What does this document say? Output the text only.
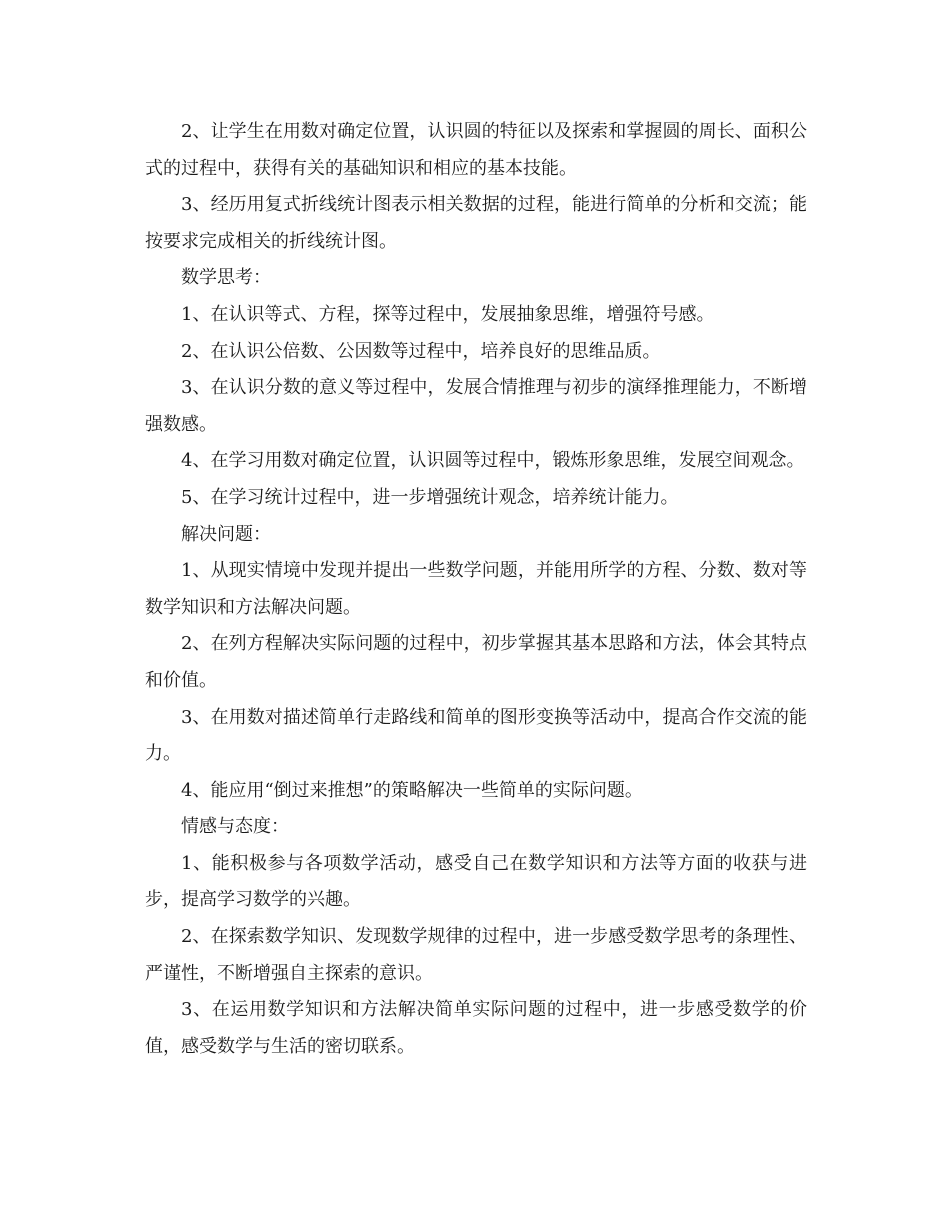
2、让学生在用数对确定位置，认识圆的特征以及探索和掌握圆的周长、面积公式的过程中，获得有关的基础知识和相应的基本技能。

3、经历用复式折线统计图表示相关数据的过程，能进行简单的分析和交流；能按要求完成相关的折线统计图。

数学思考：

1、在认识等式、方程，探等过程中，发展抽象思维，增强符号感。

2、在认识公倍数、公因数等过程中，培养良好的思维品质。

3、在认识分数的意义等过程中，发展合情推理与初步的演绎推理能力，不断增强数感。

4、在学习用数对确定位置，认识圆等过程中，锻炼形象思维，发展空间观念。

5、在学习统计过程中，进一步增强统计观念，培养统计能力。

解决问题：

1、从现实情境中发现并提出一些数学问题，并能用所学的方程、分数、数对等数学知识和方法解决问题。

2、在列方程解决实际问题的过程中，初步掌握其基本思路和方法，体会其特点和价值。

3、在用数对描述简单行走路线和简单的图形变换等活动中，提高合作交流的能力。

4、能应用“倒过来推想”的策略解决一些简单的实际问题。

情感与态度：

1、能积极参与各项数学活动，感受自己在数学知识和方法等方面的收获与进步，提高学习数学的兴趣。

2、在探索数学知识、发现数学规律的过程中，进一步感受数学思考的条理性、严谨性，不断增强自主探索的意识。

3、在运用数学知识和方法解决简单实际问题的过程中，进一步感受数学的价值，感受数学与生活的密切联系。
